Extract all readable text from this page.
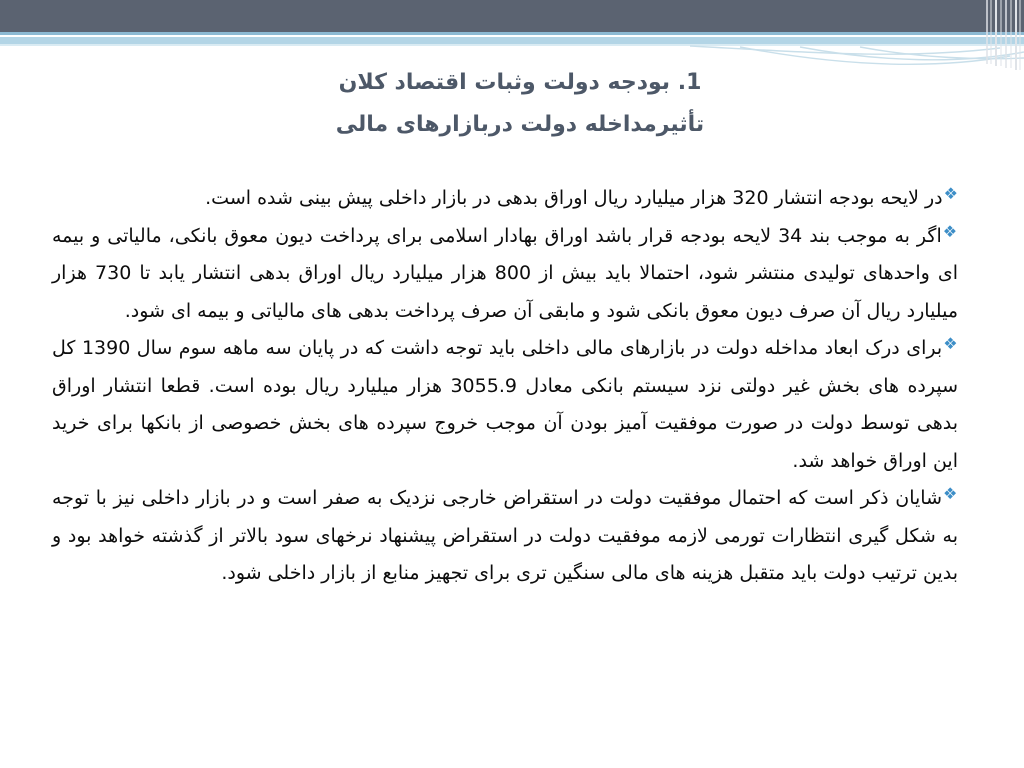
1. بودجه دولت وثبات اقتصاد کلان
تأثیرمداخله دولت دربازارهای مالی

❖در لایحه بودجه انتشار 320 هزار میلیارد ریال اوراق بدهی در بازار داخلی پیش بینی شده است.

❖اگر به موجب بند 34 لایحه بودجه قرار باشد اوراق بهادار اسلامی برای پرداخت دیون معوق بانکی، مالیاتی و بیمه ای واحدهای تولیدی منتشر شود، احتمالا باید بیش از 800 هزار میلیارد ریال اوراق بدهی انتشار یابد تا 730 هزار میلیارد ریال آن صرف دیون معوق بانکی شود و مابقی آن صرف پرداخت بدهی های مالیاتی و بیمه ای شود.

❖برای درک ابعاد مداخله دولت در بازارهای مالی داخلی باید توجه داشت که در پایان سه ماهه سوم سال 1390 کل سپرده های بخش غیر دولتی نزد سیستم بانکی معادل 3055.9 هزار میلیارد ریال بوده است. قطعا انتشار اوراق بدهی توسط دولت در صورت موفقیت آمیز بودن آن موجب خروج سپرده های بخش خصوصی از بانکها برای خرید این اوراق خواهد شد.

❖شایان ذکر است که احتمال موفقیت دولت در استقراض خارجی نزدیک به صفر است و در بازار داخلی نیز با توجه به شکل گیری انتظارات تورمی لازمه موفقیت دولت در استقراض پیشنهاد نرخهای سود بالاتر از گذشته خواهد بود و بدین ترتیب دولت باید متقبل هزینه های مالی سنگین تری برای تجهیز منابع از بازار داخلی شود.
